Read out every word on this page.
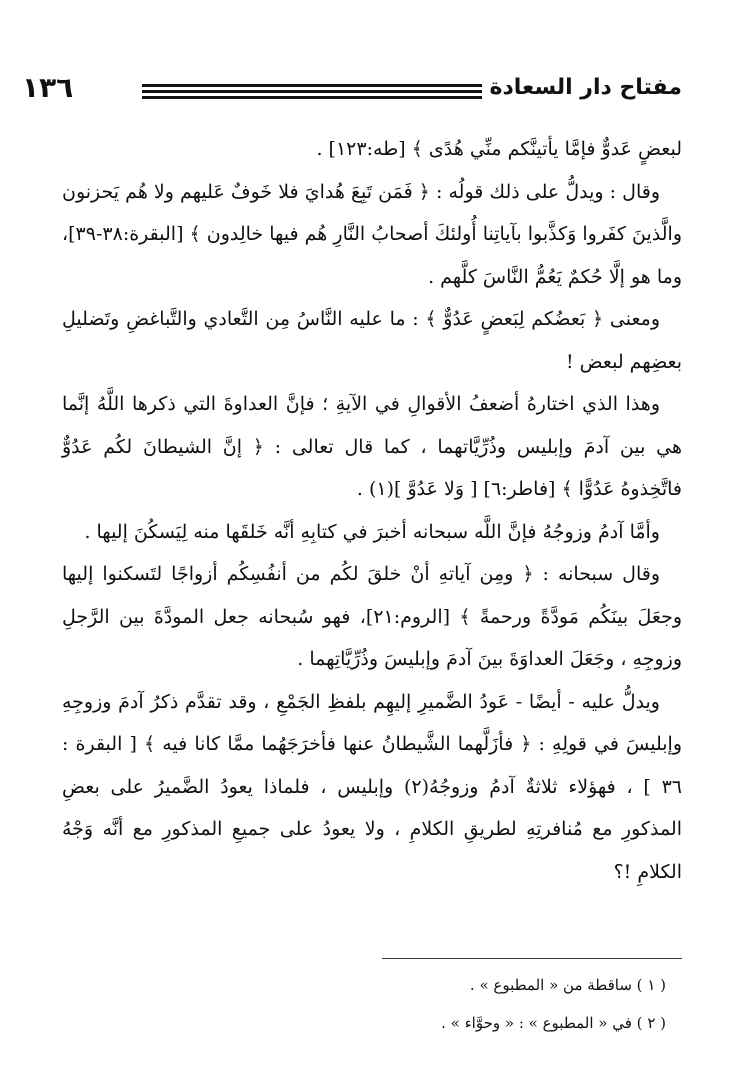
١٣٦	مفتاح دار السعادة

لبعضٍ عَدوٌّ فإمَّا يأتينَّكم منِّي هُدًى ﴾ [طه:١٢٣] .

وقال : ويدلُّ على ذلك قولُه : ﴿ فَمَن تَبِعَ هُدايَ فلا خَوفٌ عَليهم ولا هُم يَحزنون والَّذينَ كفَروا وَكذَّبوا بآياتِنا أُولئكَ أصحابُ النَّارِ هُم فيها خالِدون ﴾ [البقرة:٣٨-٣٩]، وما هو إلَّا حُكمٌ يَعُمُّ النَّاسَ كلَّهم .

ومعنى ﴿ بَعضُكم لِبَعضٍ عَدُوٌّ ﴾ : ما عليه النَّاسُ مِن التَّعادي والتَّباغضِ وتَضليلِ بعضِهم لبعض !

وهذا الذي اختارهُ أضعفُ الأقوالِ في الآيةِ ؛ فإنَّ العداوةَ التي ذكرها اللَّهُ إنَّما هي بين آدمَ وإبليس وذُرِّيَّاتهما ، كما قال تعالى : ﴿ إنَّ الشيطانَ لكُم عَدُوٌّ فاتَّخِذوهُ عَدُوًّا ﴾ [فاطر:٦] [ وَلا عَدُوَّ ](١) .

وأمَّا آدمُ وزوجُهُ فإنَّ اللَّه سبحانه أخبرَ في كتابِهِ أنَّه خَلقَها منه لِيَسكُنَ إليها .

وقال سبحانه : ﴿ ومِن آياتهِ أنْ خلقَ لكُم من أنفُسِكُم أزواجًا لتَسكنوا إليها وجعَلَ بينَكُم مَودَّةً ورحمةً ﴾ [الروم:٢١]، فهو سُبحانه جعل المودَّةَ بين الرَّجلِ وزوجِهِ ، وجَعَلَ العداوَةَ بينَ آدمَ وإبليسَ وذُرِّيَّاتِهما .

ويدلُّ عليه - أيضًا - عَودُ الضَّميرِ إليهِم بلفظِ الجَمْعِ ، وقد تقدَّم ذكرُ آدمَ وزوجِهِ وإبليسَ في قولِهِ : ﴿ فأزَلَّهما الشَّيطانُ عنها فأخرَجَهُما ممَّا كانا فيه ﴾ [ البقرة : ٣٦ ] ، فهؤلاء ثلاثةٌ آدمُ وزوجُهُ(٢) وإبليس ، فلماذا يعودُ الضَّميرُ على بعضِ المذكورِ مع مُنافرتِهِ لطريقِ الكلامِ ، ولا يعودُ على جميعِ المذكورِ مع أنَّه وَجْهُ الكلامِ !؟

( ١ ) ساقطة من « المطبوع » .

( ٢ ) في « المطبوع » : « وحوَّاء » .
